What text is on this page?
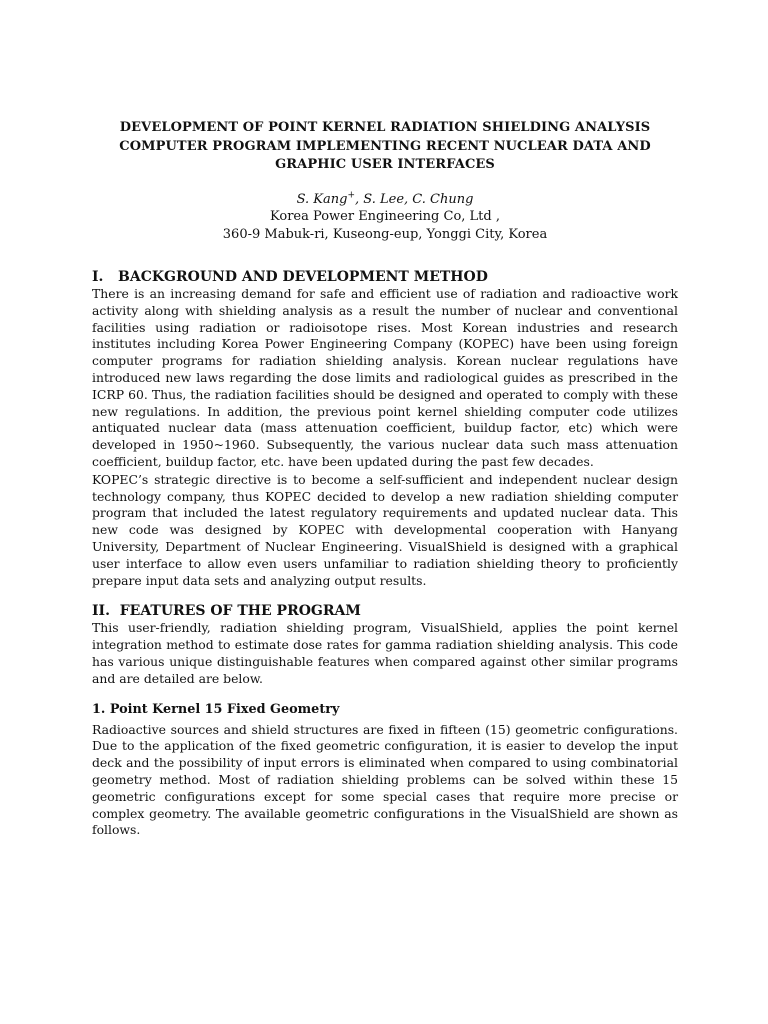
DEVELOPMENT OF POINT KERNEL RADIATION SHIELDING ANALYSIS
COMPUTER PROGRAM IMPLEMENTING RECENT NUCLEAR DATA AND
GRAPHIC USER INTERFACES
S. Kang+, S. Lee, C. Chung
Korea Power Engineering Co, Ltd ,
360-9 Mabuk-ri, Kuseong-eup, Yonggi City, Korea
I.   BACKGROUND AND DEVELOPMENT METHOD

There is an increasing demand for safe and efficient use of radiation and radioactive work activity along with shielding analysis as a result the number of nuclear and conventional facilities using radiation or radioisotope rises. Most Korean industries and research institutes including Korea Power Engineering Company (KOPEC) have been using foreign computer programs for radiation shielding analysis. Korean nuclear regulations have introduced new laws regarding the dose limits and radiological guides as prescribed in the ICRP 60. Thus, the radiation facilities should be designed and operated to comply with these new regulations. In addition, the previous point kernel shielding computer code utilizes antiquated nuclear data (mass attenuation coefficient, buildup factor, etc) which were developed in 1950~1960. Subsequently, the various nuclear data such mass attenuation coefficient, buildup factor, etc. have been updated during the past few decades.

KOPEC’s strategic directive is to become a self-sufficient and independent nuclear design technology company, thus KOPEC decided to develop a new radiation shielding computer program that included the latest regulatory requirements and updated nuclear data. This new code was designed by KOPEC with developmental cooperation with Hanyang University, Department of Nuclear Engineering. VisualShield is designed with a graphical user interface to allow even users unfamiliar to radiation shielding theory to proficiently prepare input data sets and analyzing output results.

II.  FEATURES OF THE PROGRAM

This user-friendly, radiation shielding program, VisualShield, applies the point kernel integration method to estimate dose rates for gamma radiation shielding analysis. This code has various unique distinguishable features when compared against other similar programs and are detailed are below.

1. Point Kernel 15 Fixed Geometry

Radioactive sources and shield structures are fixed in fifteen (15) geometric configurations. Due to the application of the fixed geometric configuration, it is easier to develop the input deck and the possibility of input errors is eliminated when compared to using combinatorial geometry method. Most of radiation shielding problems can be solved within these 15 geometric configurations except for some special cases that require more precise or complex geometry. The available geometric configurations in the VisualShield are shown as follows.
